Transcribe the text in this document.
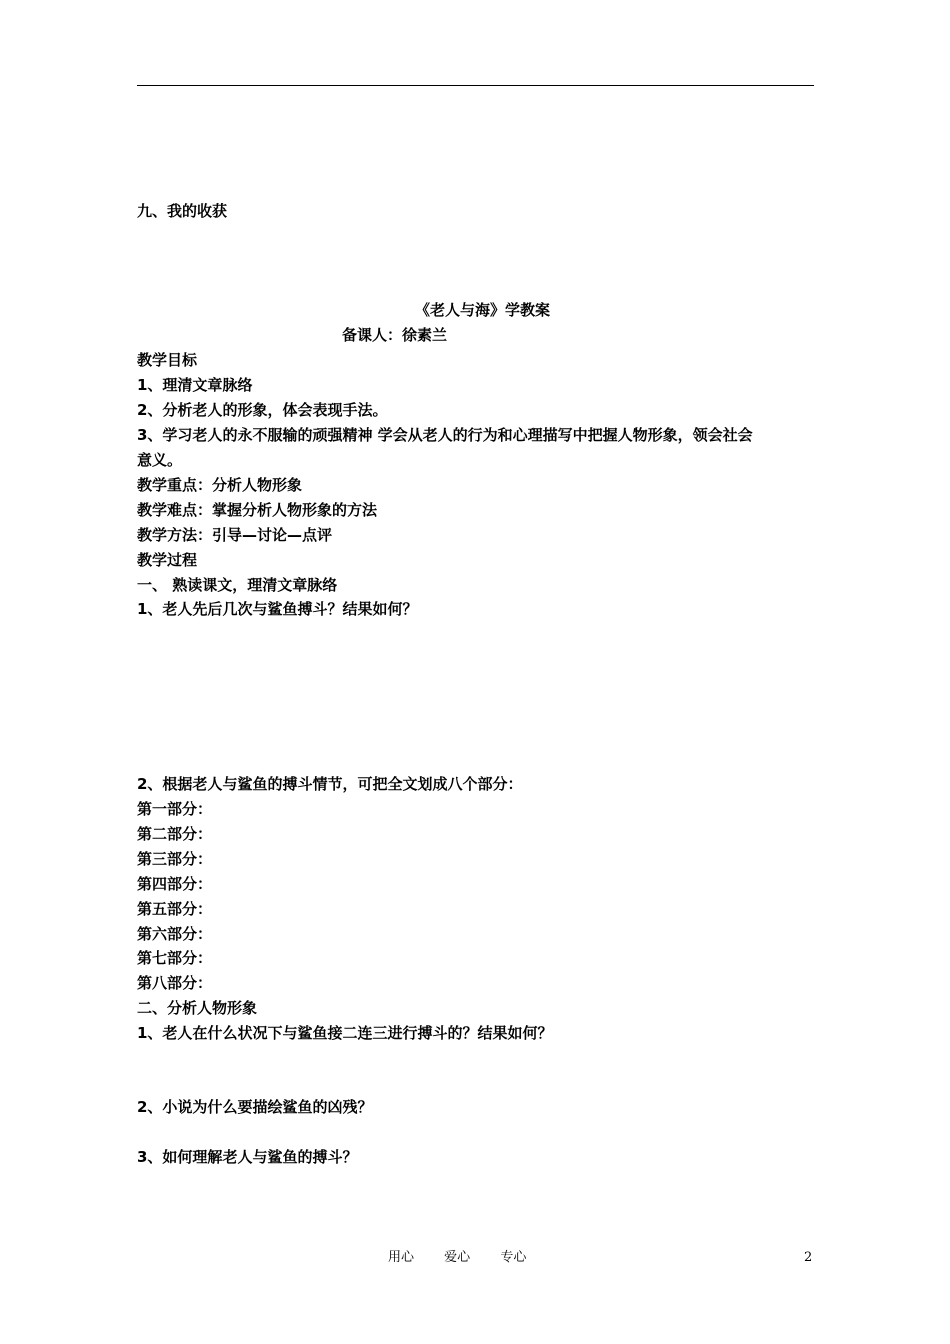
九、我的收获
《老人与海》学教案
备课人：徐素兰
教学目标
1、理清文章脉络
2、分析老人的形象，体会表现手法。
3、学习老人的永不服输的顽强精神 学会从老人的行为和心理描写中把握人物形象，领会社会
意义。
教学重点：分析人物形象
教学难点：掌握分析人物形象的方法
教学方法：引导—讨论—点评
教学过程
一、 熟读课文，理清文章脉络
1、老人先后几次与鲨鱼搏斗？结果如何？
2、根据老人与鲨鱼的搏斗情节，可把全文划成八个部分：
第一部分：
第二部分：
第三部分：
第四部分：
第五部分：
第六部分：
第七部分：
第八部分：
二、分析人物形象
1、老人在什么状况下与鲨鱼接二连三进行搏斗的？结果如何？
2、小说为什么要描绘鲨鱼的凶残？
3、如何理解老人与鲨鱼的搏斗？
用心 爱心 专心	2
